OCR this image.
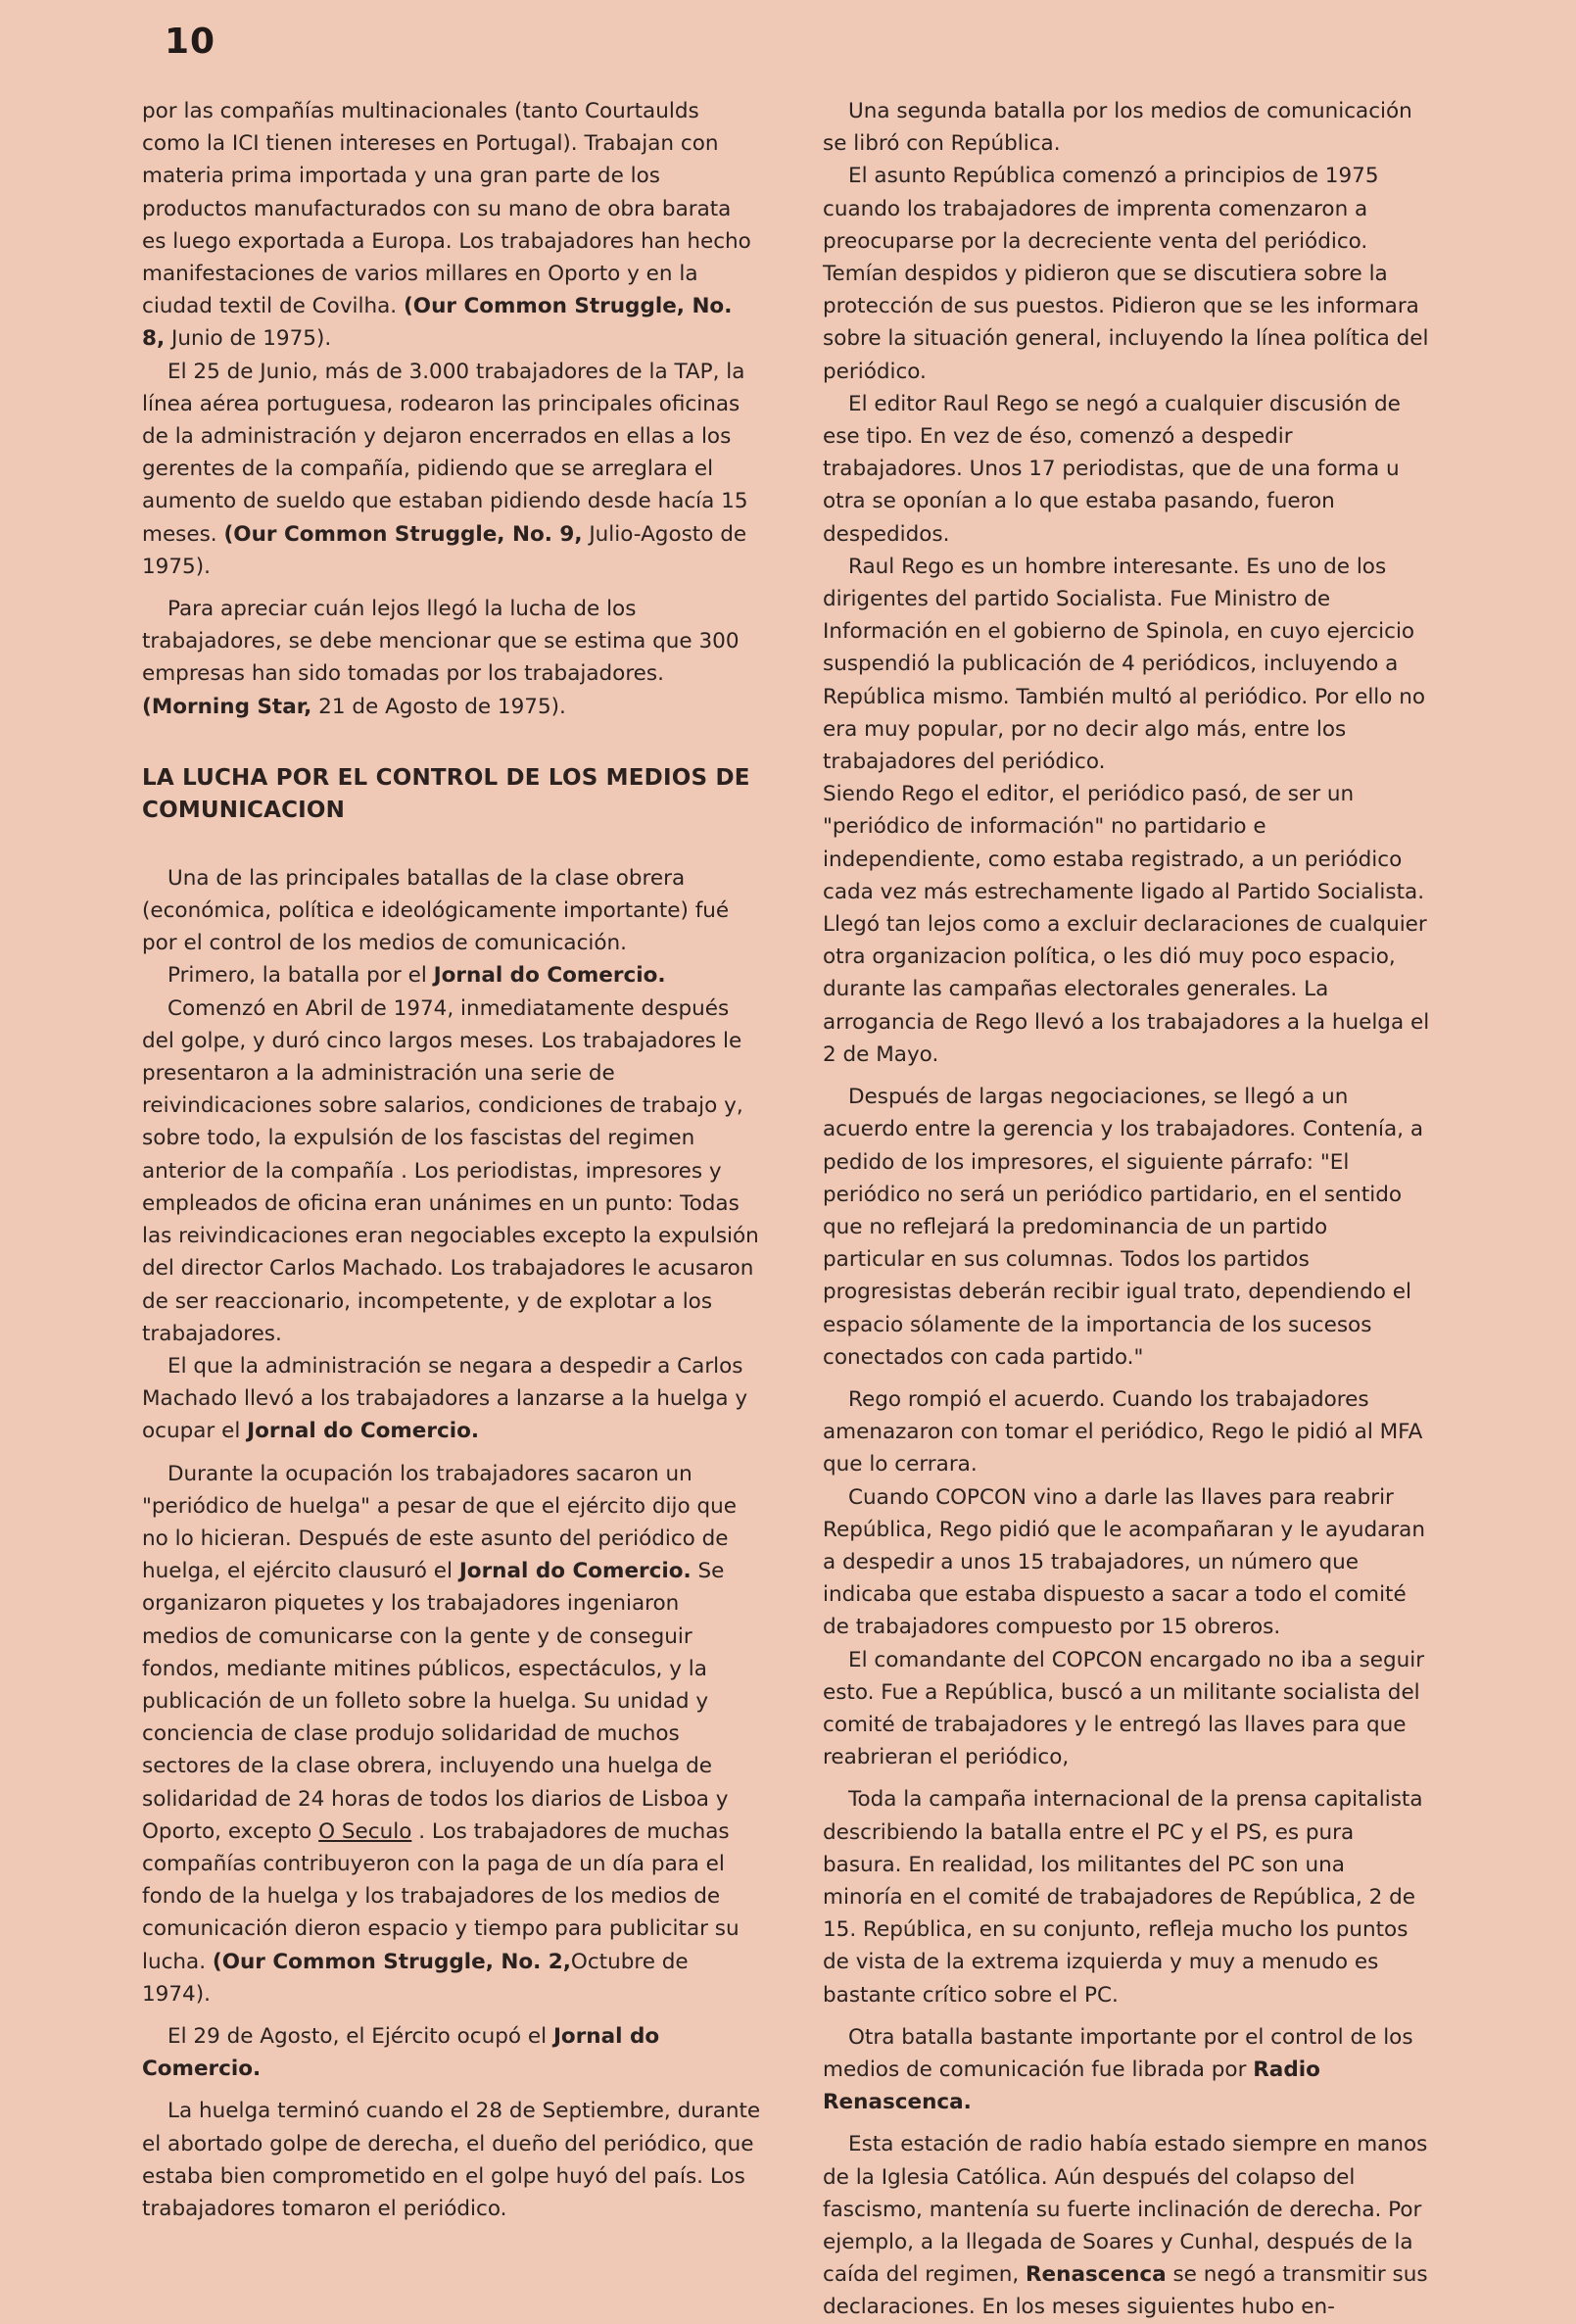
10

por las compañías multinacionales (tanto Courtaulds como la ICI tienen intereses en Portugal). Trabajan con materia prima importada y una gran parte de los productos manufacturados con su mano de obra barata es luego exportada a Europa. Los trabajadores han hecho manifestaciones de varios millares en Oporto y en la ciudad textil de Covilha. (Our Common Struggle, No. 8, Junio de 1975).

El 25 de Junio, más de 3.000 trabajadores de la TAP, la línea aérea portuguesa, rodearon las principales oficinas de la administración y dejaron encerrados en ellas a los gerentes de la compañía, pidiendo que se arreglara el aumento de sueldo que estaban pidiendo desde hacía 15 meses. (Our Common Struggle, No. 9, Julio-Agosto de 1975).

Para apreciar cuán lejos llegó la lucha de los trabajadores, se debe mencionar que se estima que 300 empresas han sido tomadas por los trabajadores. (Morning Star, 21 de Agosto de 1975).

LA LUCHA POR EL CONTROL DE LOS MEDIOS DE COMUNICACION

Una de las principales batallas de la clase obrera (económica, política e ideológicamente importante) fué por el control de los medios de comunicación.

Primero, la batalla por el Jornal do Comercio.

Comenzó en Abril de 1974, inmediatamente después del golpe, y duró cinco largos meses. Los trabajadores le presentaron a la administración una serie de reivindicaciones sobre salarios, condiciones de trabajo y, sobre todo, la expulsión de los fascistas del regimen anterior de la compañía . Los periodistas, impresores y empleados de oficina eran unánimes en un punto: Todas las reivindicaciones eran negociables excepto la expulsión del director Carlos Machado. Los trabajadores le acusaron de ser reaccionario, incompetente, y de explotar a los trabajadores.

El que la administración se negara a despedir a Carlos Machado llevó a los trabajadores a lanzarse a la huelga y ocupar el Jornal do Comercio.

Durante la ocupación los trabajadores sacaron un "periódico de huelga" a pesar de que el ejército dijo que no lo hicieran. Después de este asunto del periódico de huelga, el ejército clausuró el Jornal do Comercio. Se organizaron piquetes y los trabajadores ingeniaron medios de comunicarse con la gente y de conseguir fondos, mediante mitines públicos, espectáculos, y la publicación de un folleto sobre la huelga. Su unidad y conciencia de clase produjo solidaridad de muchos sectores de la clase obrera, incluyendo una huelga de solidaridad de 24 horas de todos los diarios de Lisboa y Oporto, excepto O Seculo . Los trabajadores de muchas compañías contribuyeron con la paga de un día para el fondo de la huelga y los trabajadores de los medios de comunicación dieron espacio y tiempo para publicitar su lucha. (Our Common Struggle, No. 2,Octubre de 1974).

El 29 de Agosto, el Ejército ocupó el Jornal do Comercio.

La huelga terminó cuando el 28 de Septiembre, durante el abortado golpe de derecha, el dueño del periódico, que estaba bien comprometido en el golpe huyó del país. Los trabajadores tomaron el periódico.

Una segunda batalla por los medios de comunicación se libró con República.

El asunto República comenzó a principios de 1975 cuando los trabajadores de imprenta comenzaron a preocuparse por la decreciente venta del periódico. Temían despidos y pidieron que se discutiera sobre la protección de sus puestos. Pidieron que se les informara sobre la situación general, incluyendo la línea política del periódico.

El editor Raul Rego se negó a cualquier discusión de ese tipo. En vez de éso, comenzó a despedir trabajadores. Unos 17 periodistas, que de una forma u otra se oponían a lo que estaba pasando, fueron despedidos.

Raul Rego es un hombre interesante. Es uno de los dirigentes del partido Socialista. Fue Ministro de Información en el gobierno de Spinola, en cuyo ejercicio suspendió la publicación de 4 periódicos, incluyendo a República mismo. También multó al periódico. Por ello no era muy popular, por no decir algo más, entre los trabajadores del periódico.

Siendo Rego el editor, el periódico pasó, de ser un "periódico de información" no partidario e independiente, como estaba registrado, a un periódico cada vez más estrechamente ligado al Partido Socialista. Llegó tan lejos como a excluir declaraciones de cualquier otra organizacion política, o les dió muy poco espacio, durante las campañas electorales generales. La arrogancia de Rego llevó a los trabajadores a la huelga el 2 de Mayo.

Después de largas negociaciones, se llegó a un acuerdo entre la gerencia y los trabajadores. Contenía, a pedido de los impresores, el siguiente párrafo: "El periódico no será un periódico partidario, en el sentido que no reflejará la predominancia de un partido particular en sus columnas. Todos los partidos progresistas deberán recibir igual trato, dependiendo el espacio sólamente de la importancia de los sucesos conectados con cada partido."

Rego rompió el acuerdo. Cuando los trabajadores amenazaron con tomar el periódico, Rego le pidió al MFA que lo cerrara.

Cuando COPCON vino a darle las llaves para reabrir República, Rego pidió que le acompañaran y le ayudaran a despedir a unos 15 trabajadores, un número que indicaba que estaba dispuesto a sacar a todo el comité de trabajadores compuesto por 15 obreros.

El comandante del COPCON encargado no iba a seguir esto. Fue a República, buscó a un militante socialista del comité de trabajadores y le entregó las llaves para que reabrieran el periódico,

Toda la campaña internacional de la prensa capitalista describiendo la batalla entre el PC y el PS, es pura basura. En realidad, los militantes del PC son una minoría en el comité de trabajadores de República, 2 de 15. República, en su conjunto, refleja mucho los puntos de vista de la extrema izquierda y muy a menudo es bastante crítico sobre el PC.

Otra batalla bastante importante por el control de los medios de comunicación fue librada por Radio Renascenca.

Esta estación de radio había estado siempre en manos de la Iglesia Católica. Aún después del colapso del fascismo, mantenía su fuerte inclinación de derecha. Por ejemplo, a la llegada de Soares y Cunhal, después de la caída del regimen, Renascenca se negó a transmitir sus declaraciones. En los meses siguientes hubo en-
